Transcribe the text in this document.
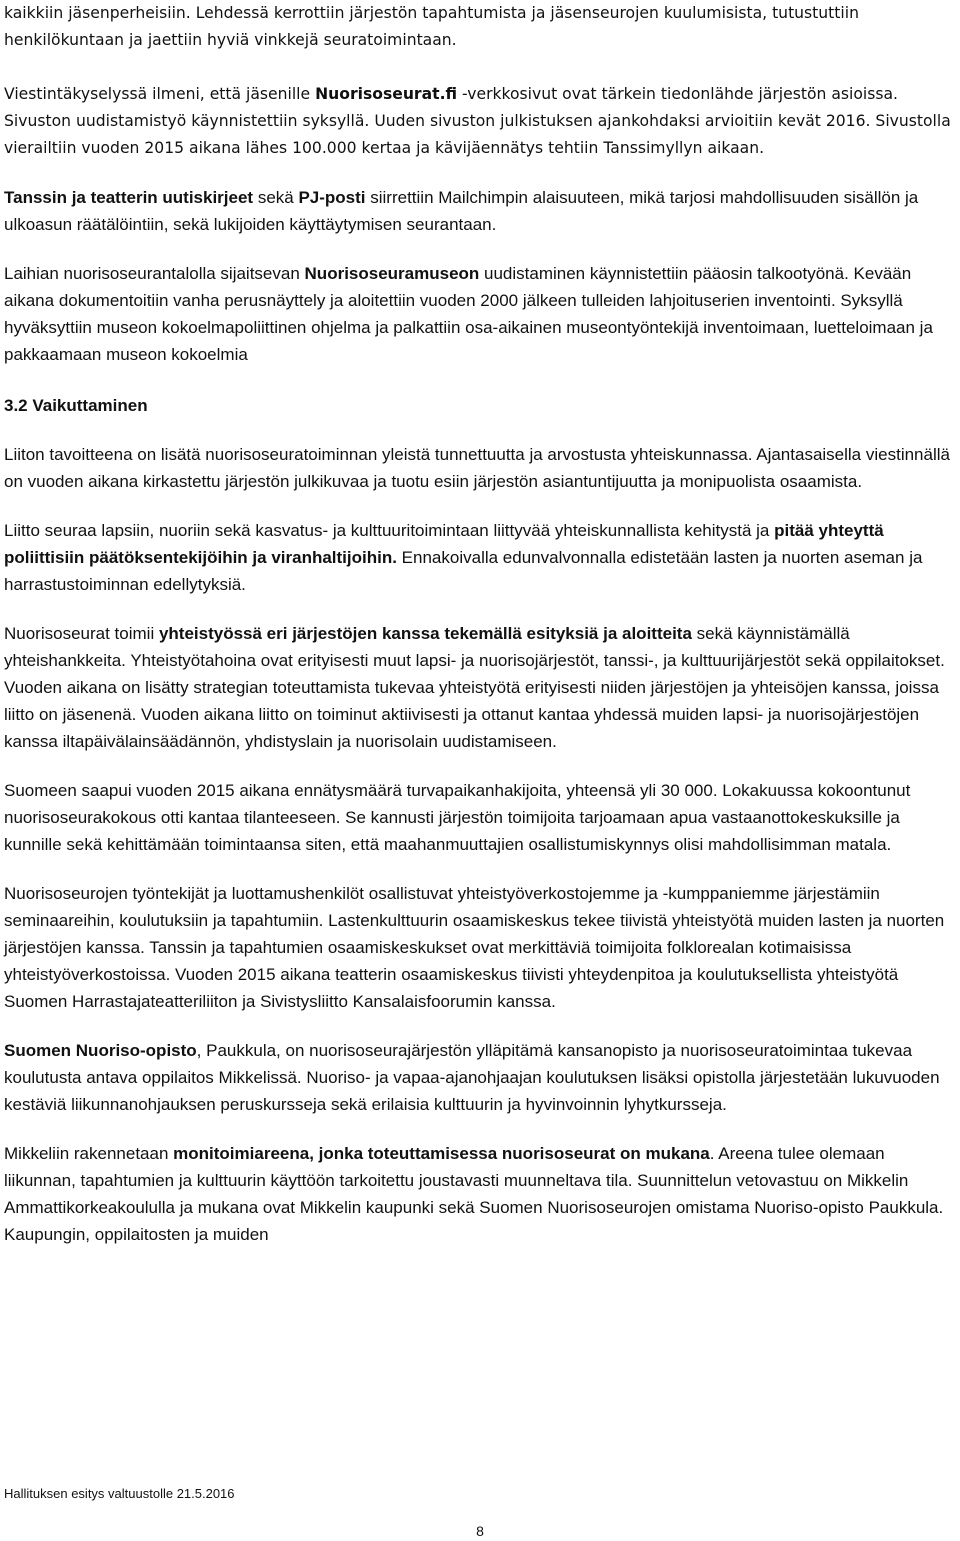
kaikkiin jäsenperheisiin. Lehdessä kerrottiin järjestön tapahtumista ja jäsenseurojen kuulumisista, tutustuttiin henkilökuntaan ja jaettiin hyviä vinkkejä seuratoimintaan.

Viestintäkyselyssä ilmeni, että jäsenille Nuorisoseurat.fi -verkkosivut ovat tärkein tiedonlähde järjestön asioissa. Sivuston uudistamistyö käynnistettiin syksyllä. Uuden sivuston julkistuksen ajankohdaksi arvioitiin kevät 2016. Sivustolla vierailtiin vuoden 2015 aikana lähes 100.000 kertaa ja kävijäennätys tehtiin Tanssimyllyn aikaan.

Tanssin ja teatterin uutiskirjeet sekä PJ-posti siirrettiin Mailchimpin alaisuuteen, mikä tarjosi mahdollisuuden sisällön ja ulkoasun räätälöintiin, sekä lukijoiden käyttäytymisen seurantaan.

Laihian nuorisoseurantalolla sijaitsevan Nuorisoseuramuseon uudistaminen käynnistettiin pääosin talkootyönä. Kevään aikana dokumentoitiin vanha perusnäyttely ja aloitettiin vuoden 2000 jälkeen tulleiden lahjoituserien inventointi. Syksyllä hyväksyttiin museon kokoelmapoliittinen ohjelma ja palkattiin osa-aikainen museontyöntekijä inventoimaan, luetteloimaan ja pakkaamaan museon kokoelmia

3.2 Vaikuttaminen

Liiton tavoitteena on lisätä nuorisoseuratoiminnan yleistä tunnettuutta ja arvostusta yhteiskunnassa. Ajantasaisella viestinnällä on vuoden aikana kirkastettu järjestön julkikuvaa ja tuotu esiin järjestön asiantuntijuutta ja monipuolista osaamista.

Liitto seuraa lapsiin, nuoriin sekä kasvatus- ja kulttuuritoimintaan liittyvää yhteiskunnallista kehitystä ja pitää yhteyttä poliittisiin päätöksentekijöihin ja viranhaltijoihin. Ennakoivalla edunvalvonnalla edistetään lasten ja nuorten aseman ja harrastustoiminnan edellytyksiä.

Nuorisoseurat toimii yhteistyössä eri järjestöjen kanssa tekemällä esityksiä ja aloitteita sekä käynnistämällä yhteishankkeita. Yhteistyötahoina ovat erityisesti muut lapsi- ja nuorisojärjestöt, tanssi-, ja kulttuurijärjestöt sekä oppilaitokset. Vuoden aikana on lisätty strategian toteuttamista tukevaa yhteistyötä erityisesti niiden järjestöjen ja yhteisöjen kanssa, joissa liitto on jäsenenä. Vuoden aikana liitto on toiminut aktiivisesti ja ottanut kantaa yhdessä muiden lapsi- ja nuorisojärjestöjen kanssa iltapäivälainsäädännön, yhdistyslain ja nuorisolain uudistamiseen.

Suomeen saapui vuoden 2015 aikana ennätysmäärä turvapaikanhakijoita, yhteensä yli 30 000. Lokakuussa kokoontunut nuorisoseurakokous otti kantaa tilanteeseen. Se kannusti järjestön toimijoita tarjoamaan apua vastaanottokeskuksille ja kunnille sekä kehittämään toimintaansa siten, että maahanmuuttajien osallistumiskynnys olisi mahdollisimman matala.

Nuorisoseurojen työntekijät ja luottamushenkilöt osallistuvat yhteistyöverkostojemme ja -kumppaniemme järjestämiin seminaareihin, koulutuksiin ja tapahtumiin. Lastenkulttuurin osaamiskeskus tekee tiivistä yhteistyötä muiden lasten ja nuorten järjestöjen kanssa. Tanssin ja tapahtumien osaamiskeskukset ovat merkittäviä toimijoita folklorealan kotimaisissa yhteistyöverkostoissa. Vuoden 2015 aikana teatterin osaamiskeskus tiivisti yhteydenpitoa ja koulutuksellista yhteistyötä Suomen Harrastajateatteriliiton ja Sivistysliitto Kansalaisfoorumin kanssa.

Suomen Nuoriso-opisto, Paukkula, on nuorisoseurajärjestön ylläpitämä kansanopisto ja nuorisoseuratoimintaa tukevaa koulutusta antava oppilaitos Mikkelissä. Nuoriso- ja vapaa-ajanohjaajan koulutuksen lisäksi opistolla järjestetään lukuvuoden kestäviä liikunnanohjauksen peruskursseja sekä erilaisia kulttuurin ja hyvinvoinnin lyhytkursseja.

Mikkeliin rakennetaan monitoimiareena, jonka toteuttamisessa nuorisoseurat on mukana. Areena tulee olemaan liikunnan, tapahtumien ja kulttuurin käyttöön tarkoitettu joustavasti muunneltava tila. Suunnittelun vetovastuu on Mikkelin Ammattikorkeakoululla ja mukana ovat Mikkelin kaupunki sekä Suomen Nuorisoseurojen omistama Nuoriso-opisto Paukkula. Kaupungin, oppilaitosten ja muiden

Hallituksen esitys valtuustolle 21.5.2016
8
